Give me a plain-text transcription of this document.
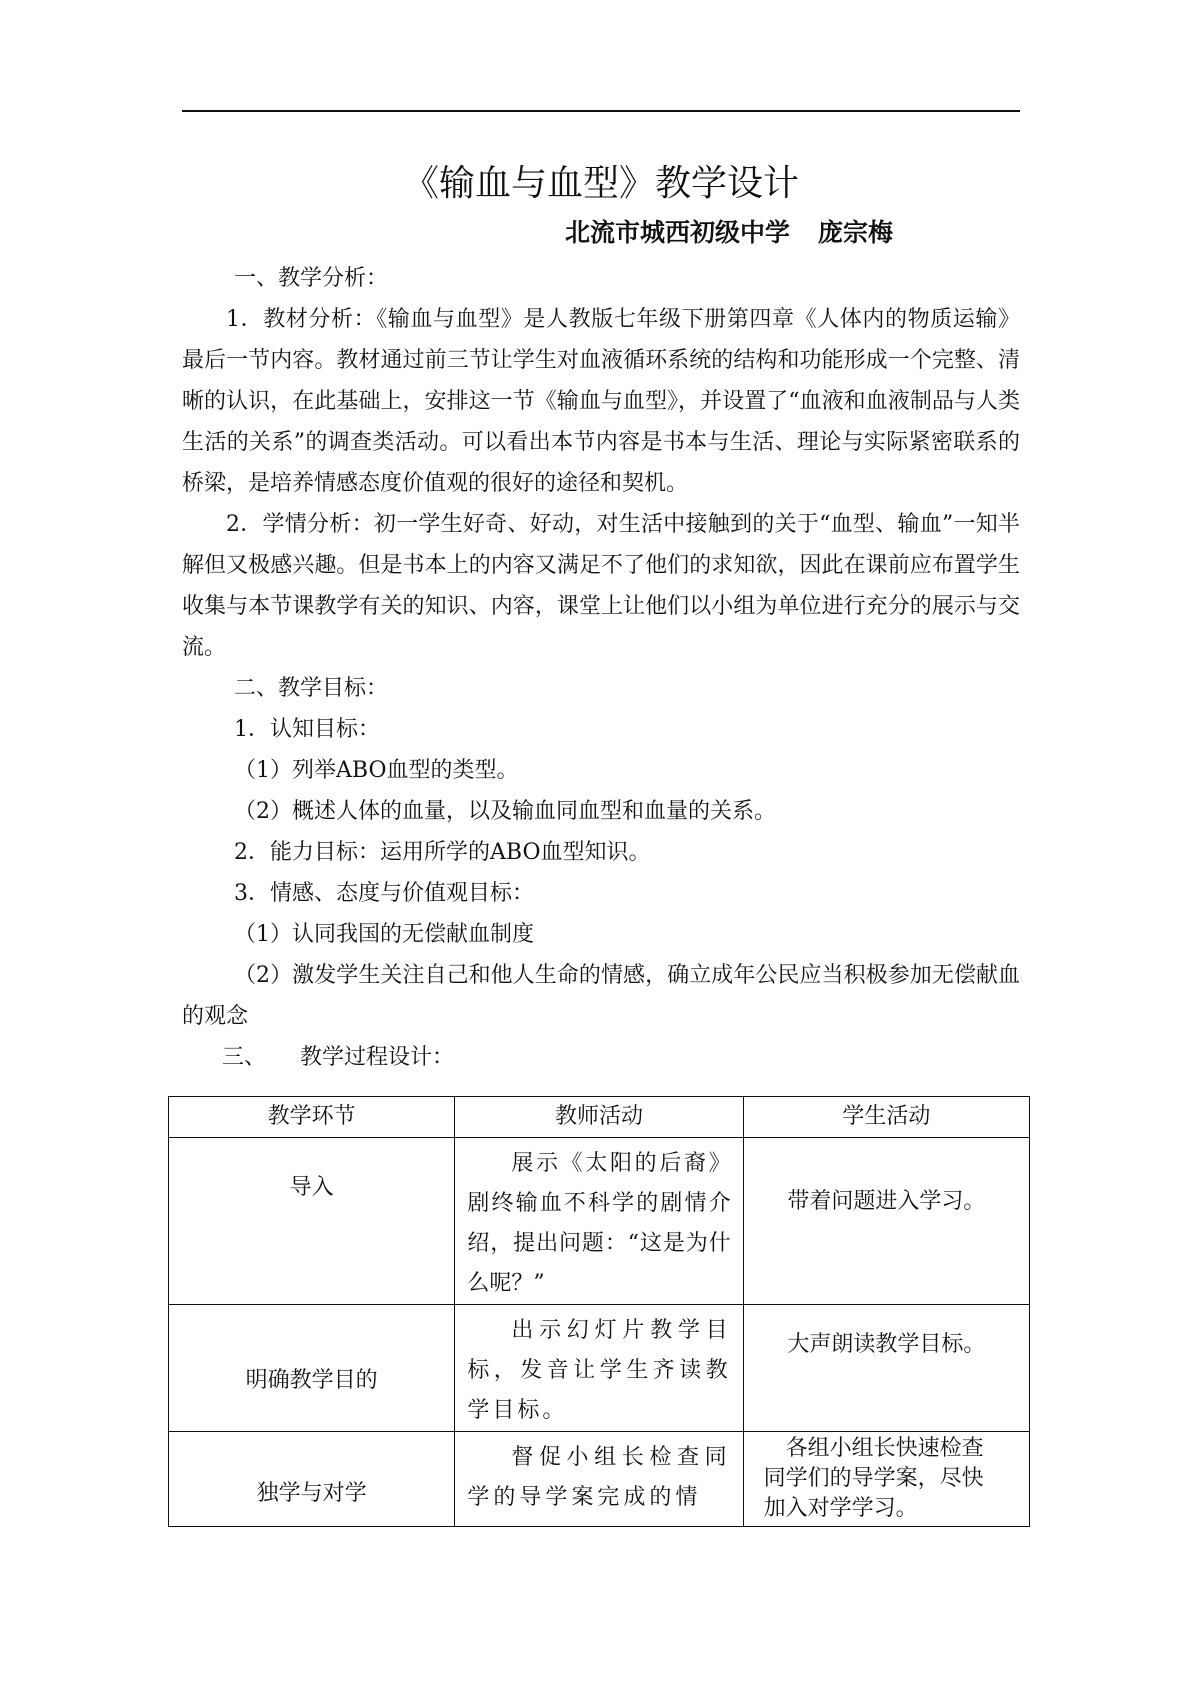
《输血与血型》教学设计
北流市城西初级中学 庞宗梅

一、教学分析：

1．教材分析：《输血与血型》是人教版七年级下册第四章《人体内的物质运输》最后一节内容。教材通过前三节让学生对血液循环系统的结构和功能形成一个完整、清晰的认识，在此基础上，安排这一节《输血与血型》，并设置了“血液和血液制品与人类生活的关系”的调查类活动。可以看出本节内容是书本与生活、理论与实际紧密联系的桥梁，是培养情感态度价值观的很好的途径和契机。

2．学情分析：初一学生好奇、好动，对生活中接触到的关于“血型、输血”一知半解但又极感兴趣。但是书本上的内容又满足不了他们的求知欲，因此在课前应布置学生收集与本节课教学有关的知识、内容，课堂上让他们以小组为单位进行充分的展示与交流。

二、教学目标：

1．认知目标：

（1）列举ABO血型的类型。

（2）概述人体的血量，以及输血同血型和血量的关系。

2．能力目标：运用所学的ABO血型知识。

3．情感、态度与价值观目标：

（1）认同我国的无偿献血制度

（2）激发学生关注自己和他人生命的情感，确立成年公民应当积极参加无偿献血的观念

三、 教学过程设计：

教学环节	教师活动	学生活动
导入	展示《太阳的后裔》剧终输血不科学的剧情介绍，提出问题：“这是为什么呢？”	带着问题进入学习。
明确教学目的	出示幻灯片教学目标，发音让学生齐读教学目标。	大声朗读教学目标。
独学与对学	督促小组长检查同学的导学案完成的情	各组小组长快速检查同学们的导学案，尽快加入对学学习。
